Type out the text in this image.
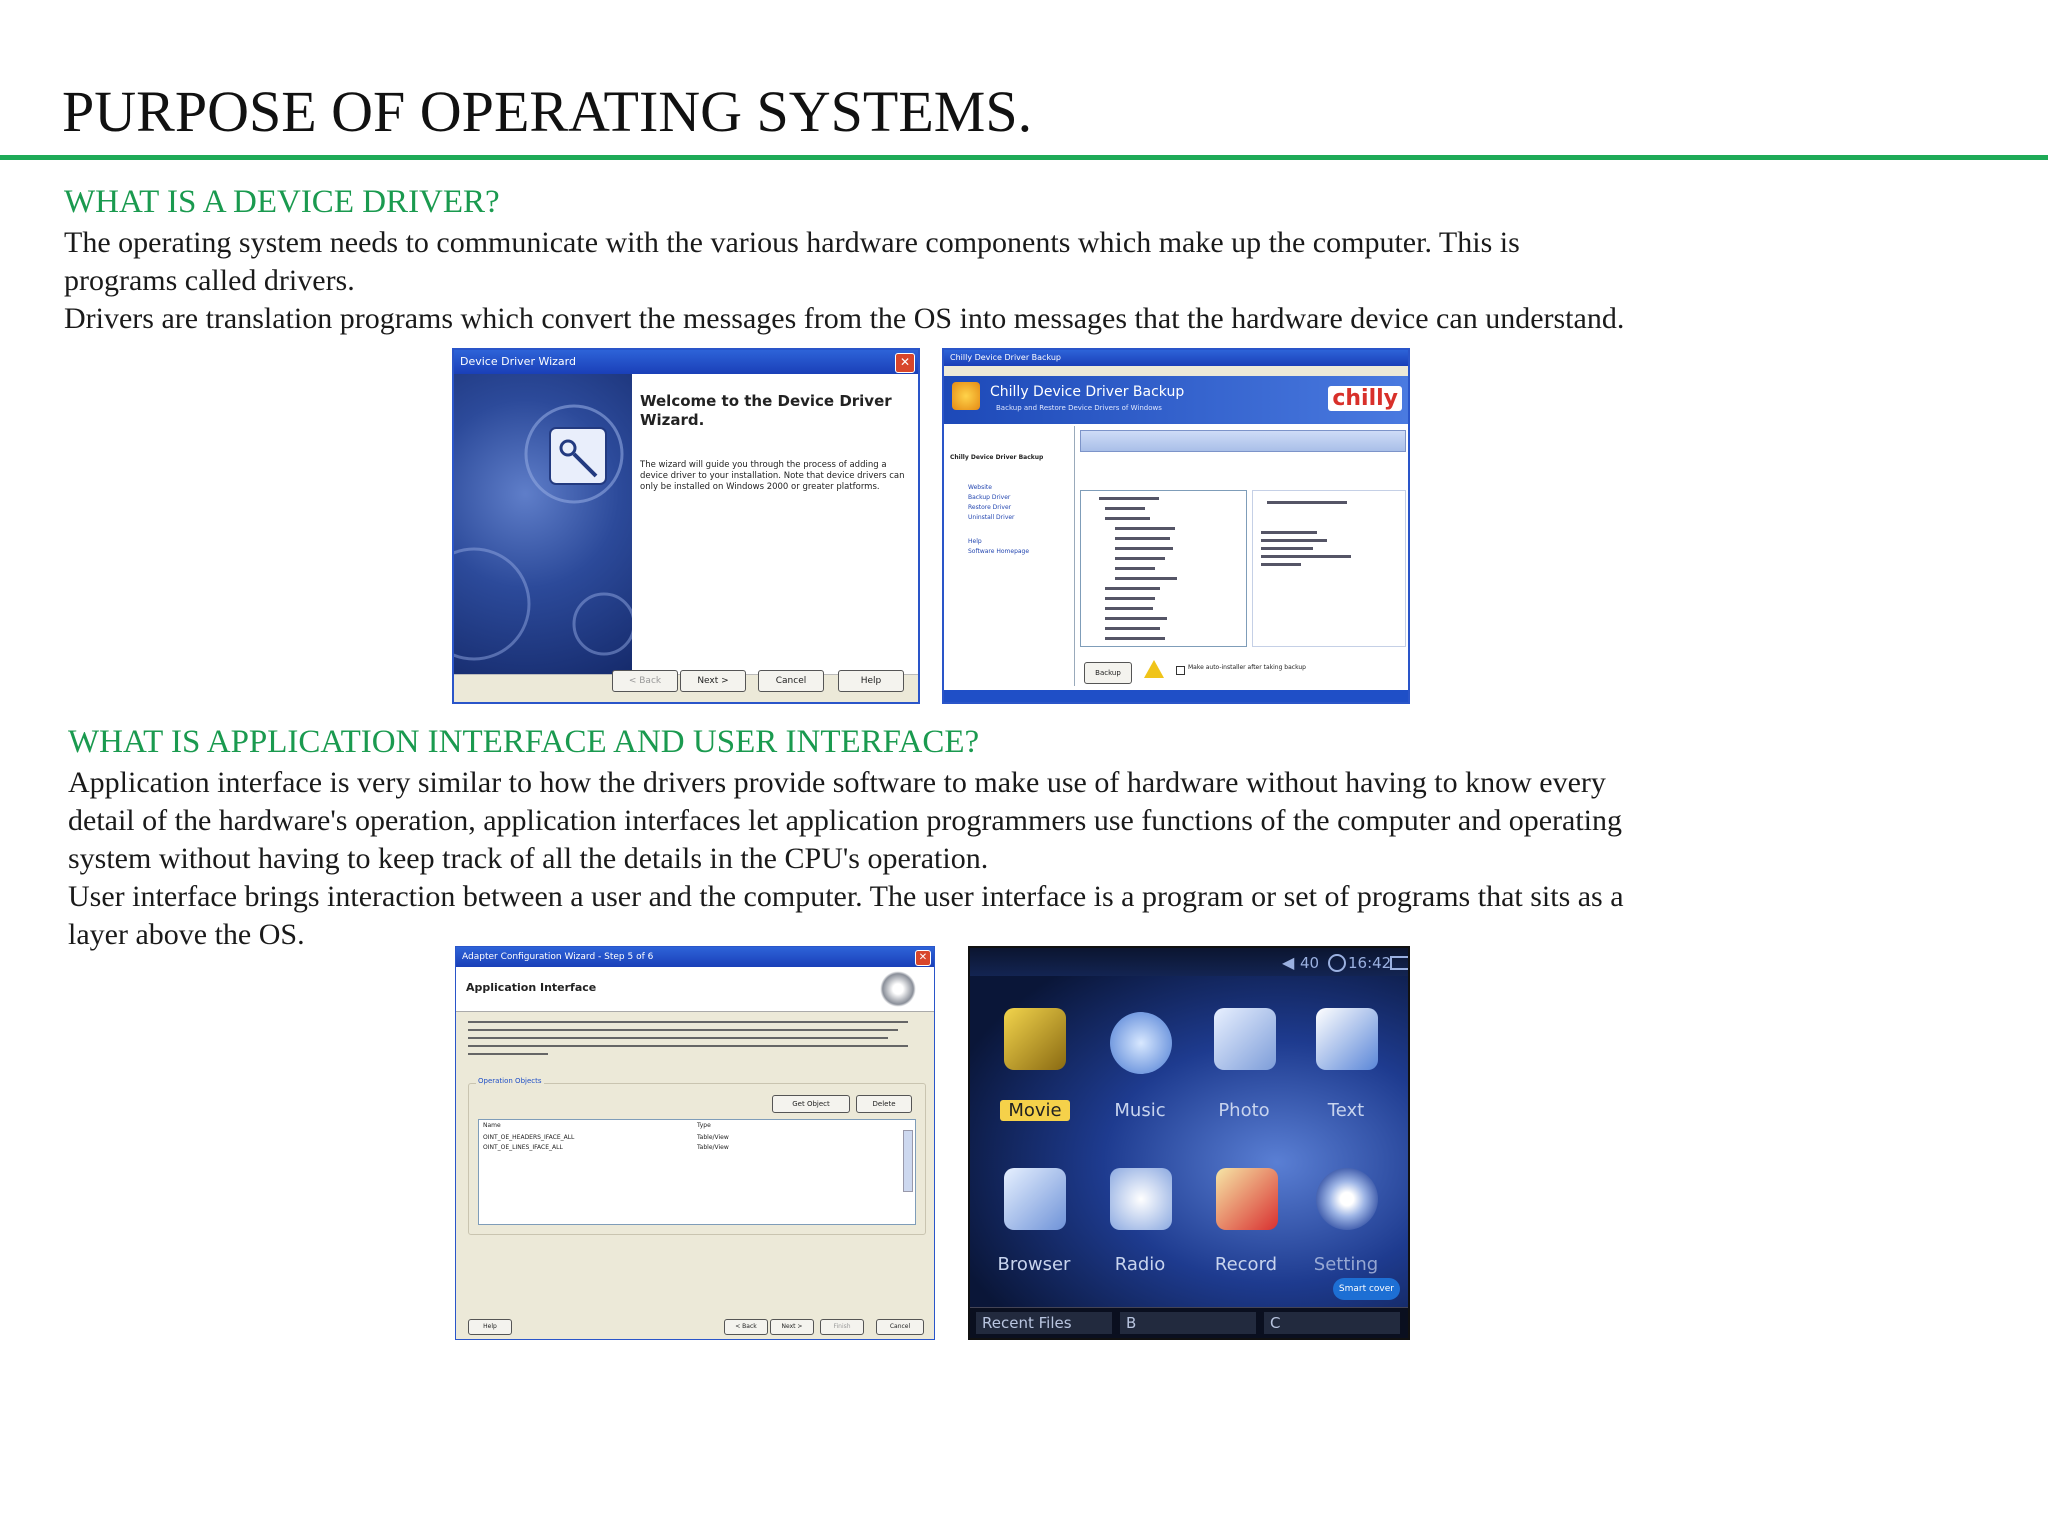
PURPOSE OF OPERATING SYSTEMS.
WHAT IS A DEVICE DRIVER?

The operating system needs to communicate with the various hardware components which make up the computer. This is

programs called drivers.

Drivers are translation programs which convert the messages from the OS into messages that the hardware device can understand.

Device Driver Wizard	✕
Welcome to the Device Driver Wizard.
The wizard will guide you through the process of adding a device driver to your installation. Note that device drivers can only be installed on Windows 2000 or greater platforms.
< Back	Next >	Cancel	Help
Chilly Device Driver Backup
Chilly Device Driver Backup
Backup and Restore Device Drivers of Windows	chilly
Chilly Device Driver Backup
Website
Backup Driver
Restore Driver
Uninstall Driver
Help
Software Homepage
Backup
Make auto-installer after taking backup
WHAT IS APPLICATION INTERFACE AND USER INTERFACE?

Application interface is very similar to how the drivers provide software to make use of hardware without having to know every

detail of the hardware's operation, application interfaces let application programmers use functions of the computer and operating

system without having to keep track of all the details in the CPU's operation.

User interface brings interaction between a user and the computer. The user interface is a program or set of programs that sits as a

layer above the OS.

Adapter Configuration Wizard - Step 5 of 6	✕
Application Interface
Operation Objects
Get Object	Delete
Name	Type
OINT_OE_HEADERS_IFACE_ALL	Table/View
OINT_OE_LINES_IFACE_ALL	Table/View
Help	< Back	Next >	Finish	Cancel
◀ 40 16:42
Movie	Music	Photo	Text
Browser	Radio	Record	Setting
Smart cover
Recent Files	B	C
